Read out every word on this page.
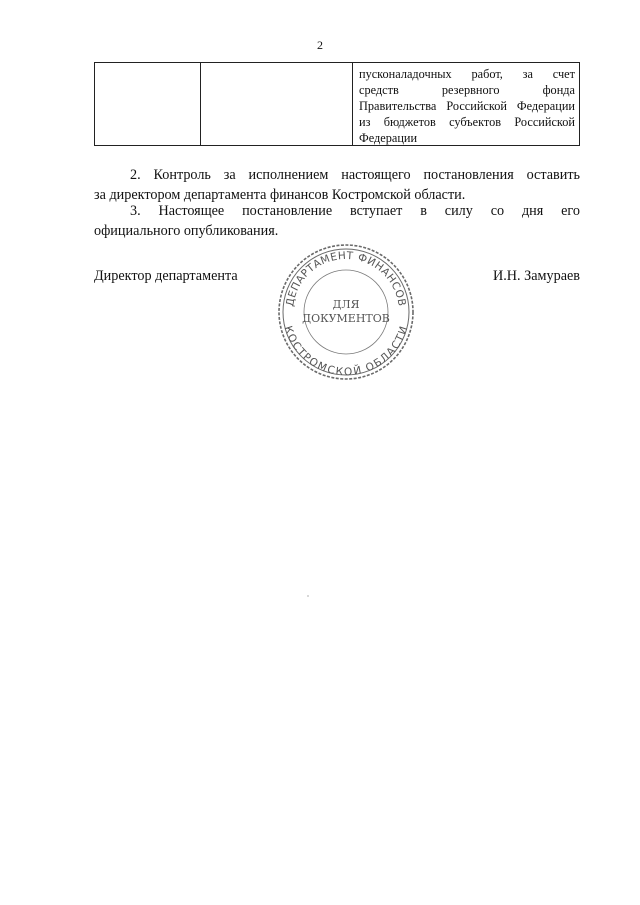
2
пусконаладочных работ, за счет
средств резервного фонда
Правительства Российской Федерации
из бюджетов субъектов Российской
Федерации
2. Контроль за исполнением настоящего постановления оставить
за директором департамента финансов Костромской области.
3. Настоящее постановление вступает в силу со дня его
официального опубликования.
Директор департамента	И.Н. Замураев
ДЕПАРТАМЕНТ ФИНАНСОВ
КОСТРОМСКОЙ ОБЛАСТИ
ДЛЯ
ДОКУМЕНТОВ
